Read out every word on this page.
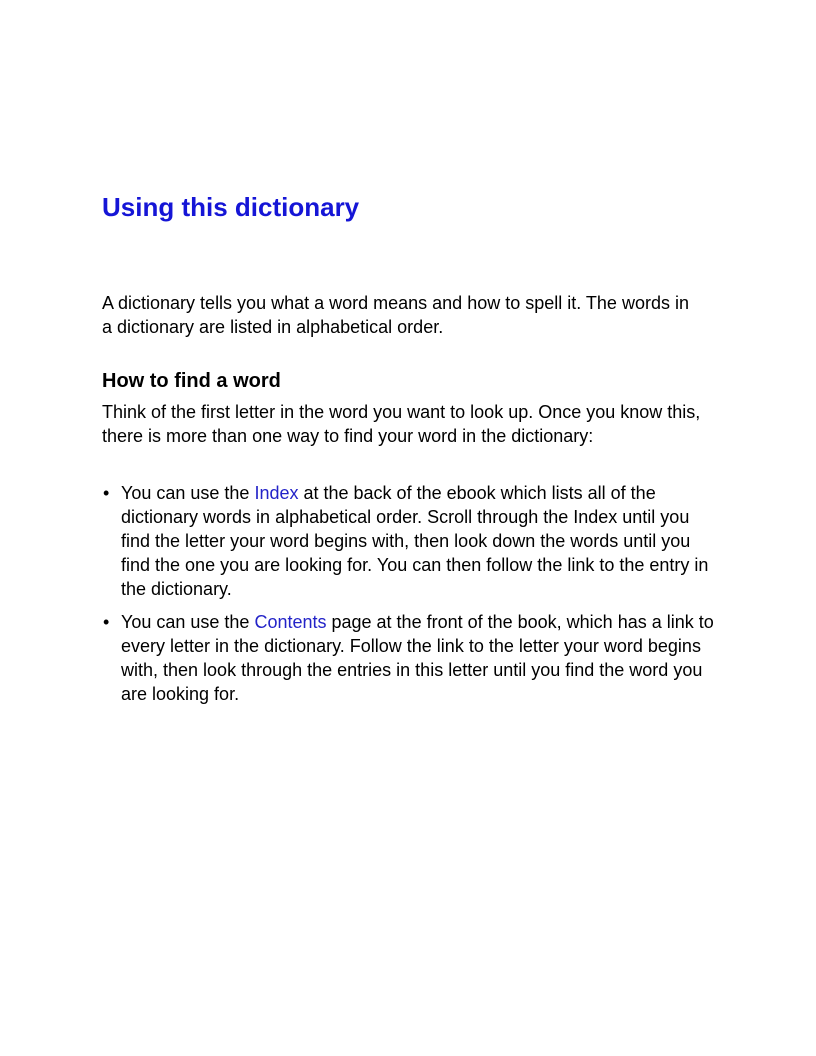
Using this dictionary

A dictionary tells you what a word means and how to spell it. The words in a dictionary are listed in alphabetical order.

How to find a word

Think of the first letter in the word you want to look up. Once you know this, there is more than one way to find your word in the dictionary:

• You can use the Index at the back of the ebook which lists all of the dictionary words in alphabetical order. Scroll through the Index until you find the letter your word begins with, then look down the words until you find the one you are looking for. You can then follow the link to the entry in the dictionary.
• You can use the Contents page at the front of the book, which has a link to every letter in the dictionary. Follow the link to the letter your word begins with, then look through the entries in this letter until you find the word you are looking for.
